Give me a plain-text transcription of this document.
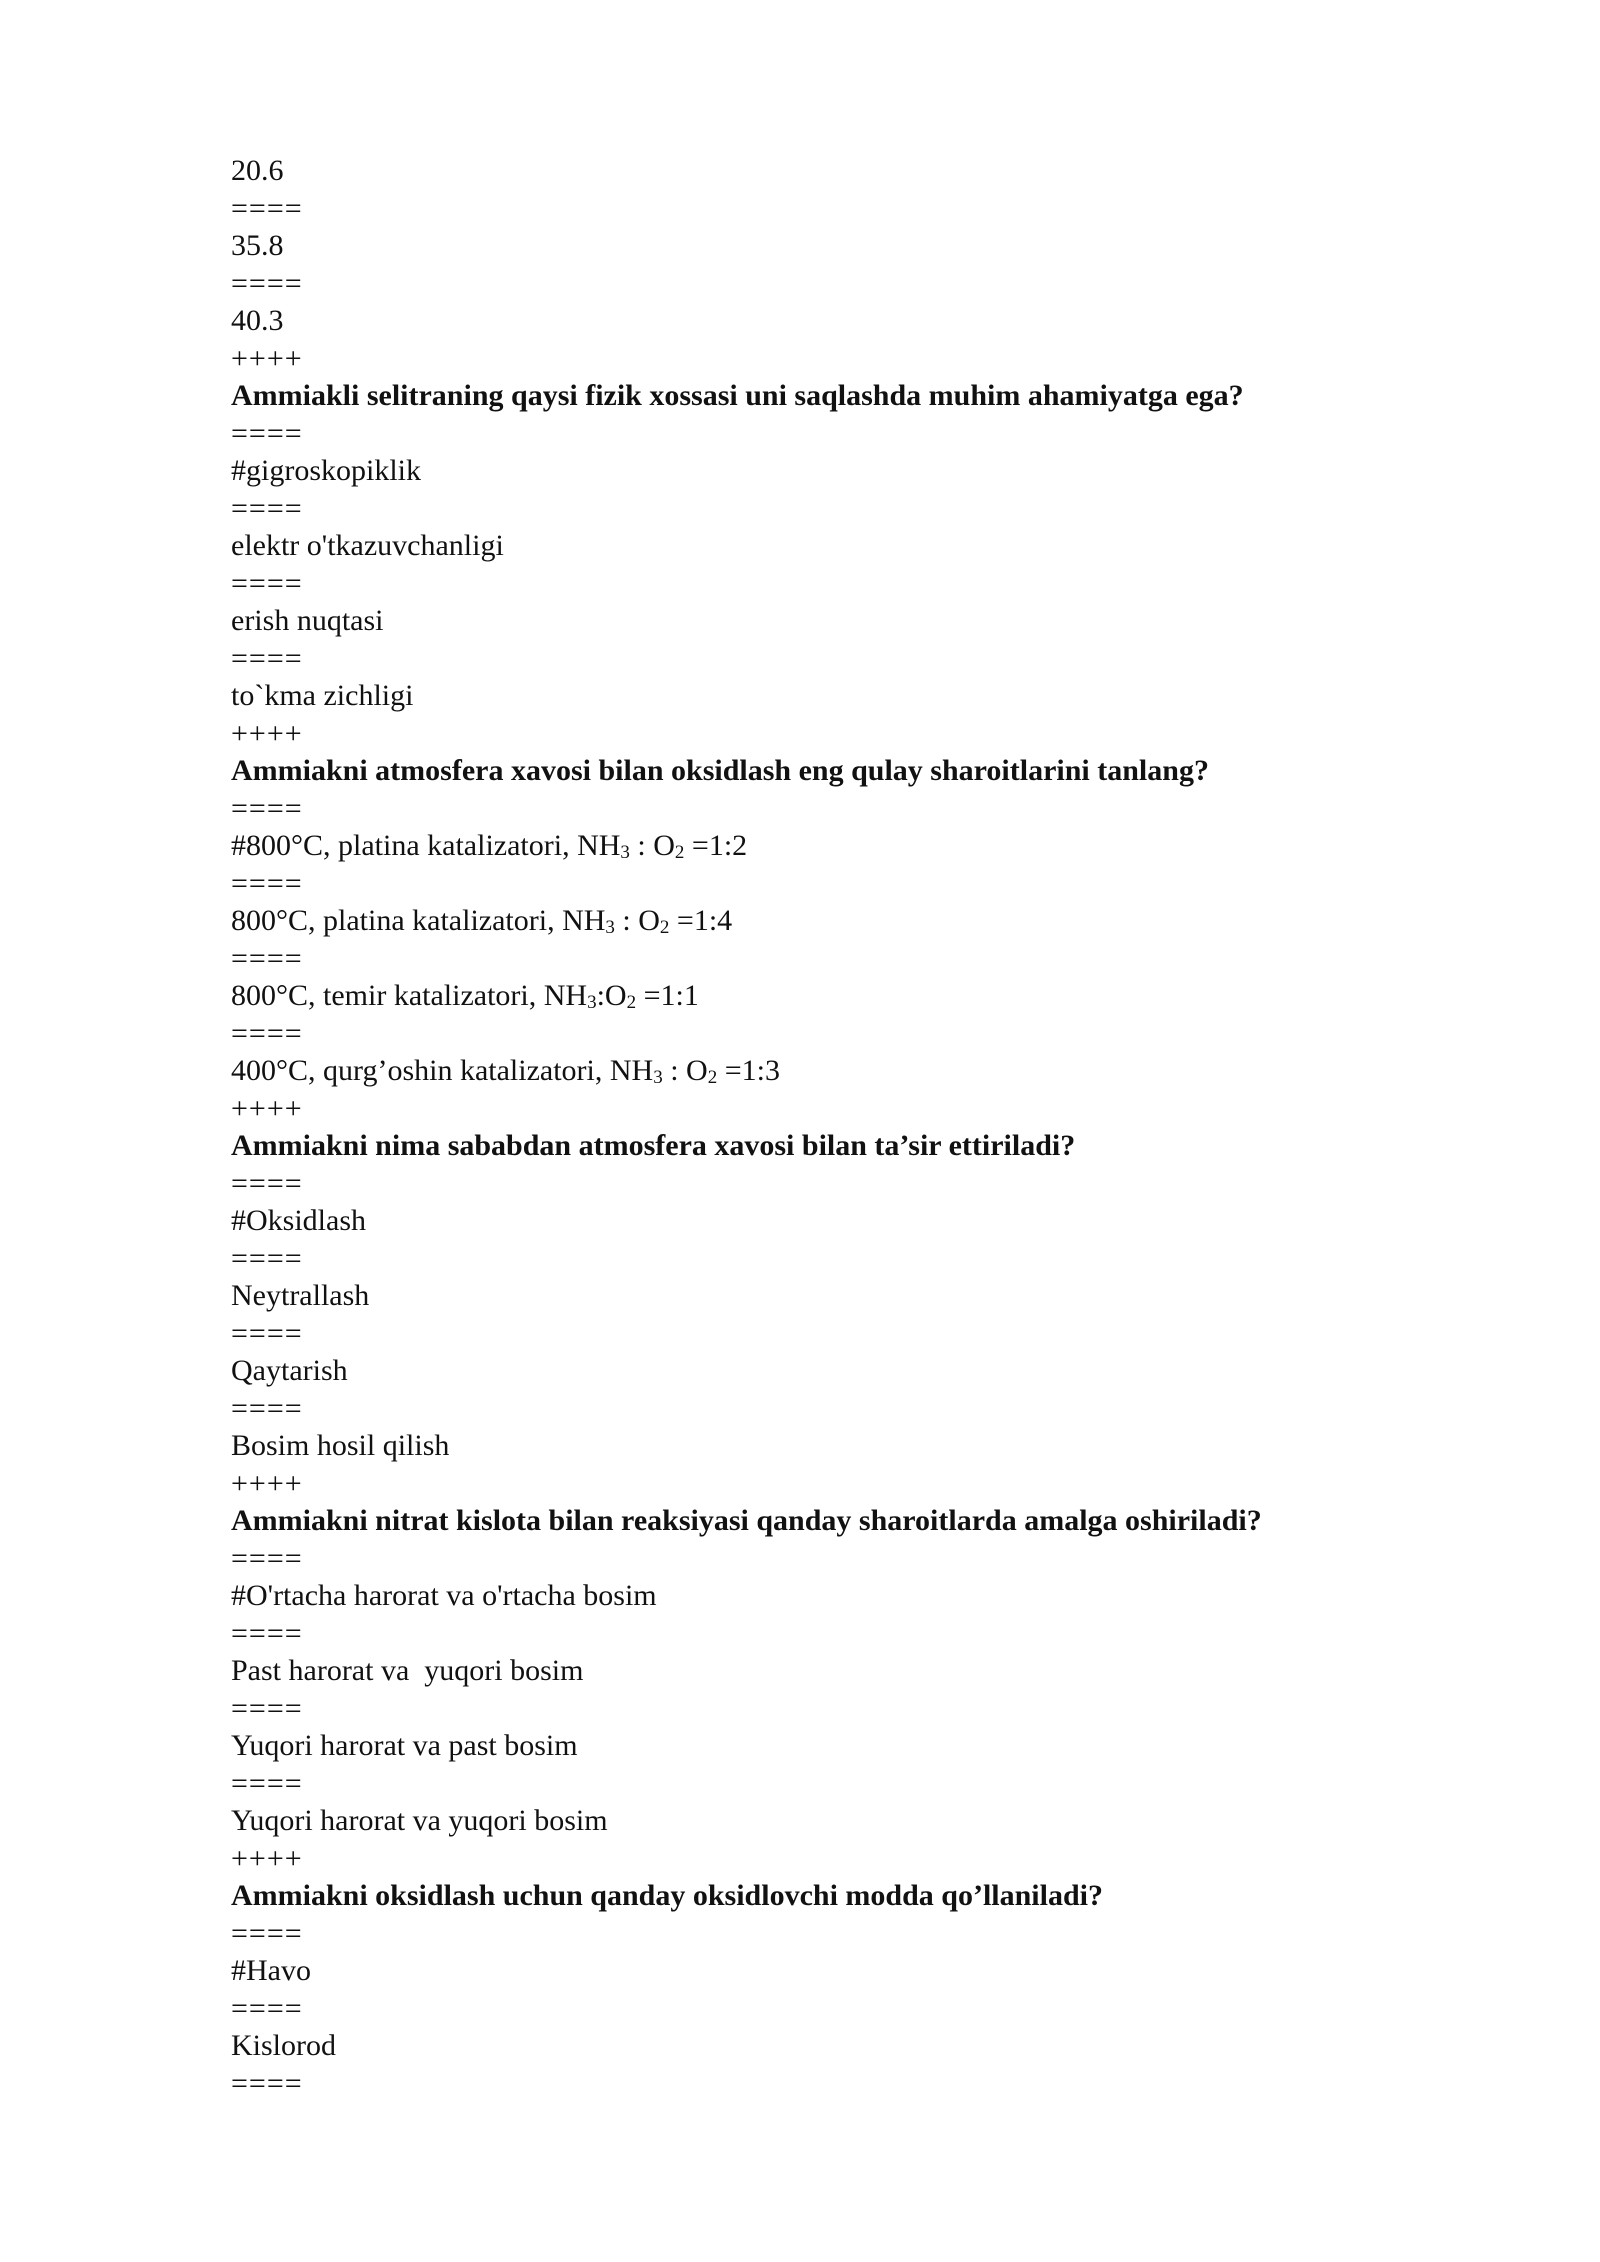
20.6
====
35.8
====
40.3
++++
Ammiakli selitraning qaysi fizik xossasi uni saqlashda muhim ahamiyatga ega?
====
#gigroskopiklik
====
elektr o'tkazuvchanligi
====
erish nuqtasi
====
to`kma zichligi
++++
Ammiakni atmosfera xavosi bilan oksidlash eng qulay sharoitlarini tanlang?
====
#800°C, platina katalizatori, $NH_3$ : $O_2$ =1:2
====
800°C, platina katalizatori, $NH_3$ : $O_2$ =1:4
====
800°C, temir katalizatori, $NH_3:O_2$ =1:1
====
400°C, qurg’oshin katalizatori, $NH_3$ : $O_2$ =1:3
++++
Ammiakni nima sababdan atmosfera xavosi bilan ta’sir ettiriladi?
====
#Oksidlash
====
Neytrallash
====
Qaytarish
====
Bosim hosil qilish
++++
Ammiakni nitrat kislota bilan reaksiyasi qanday sharoitlarda amalga oshiriladi?
====
#O'rtacha harorat va o'rtacha bosim
====
Past harorat va  yuqori bosim
====
Yuqori harorat va past bosim
====
Yuqori harorat va yuqori bosim
++++
Ammiakni oksidlash uchun qanday oksidlovchi modda qo’llaniladi?
====
#Havo
====
Kislorod
====
